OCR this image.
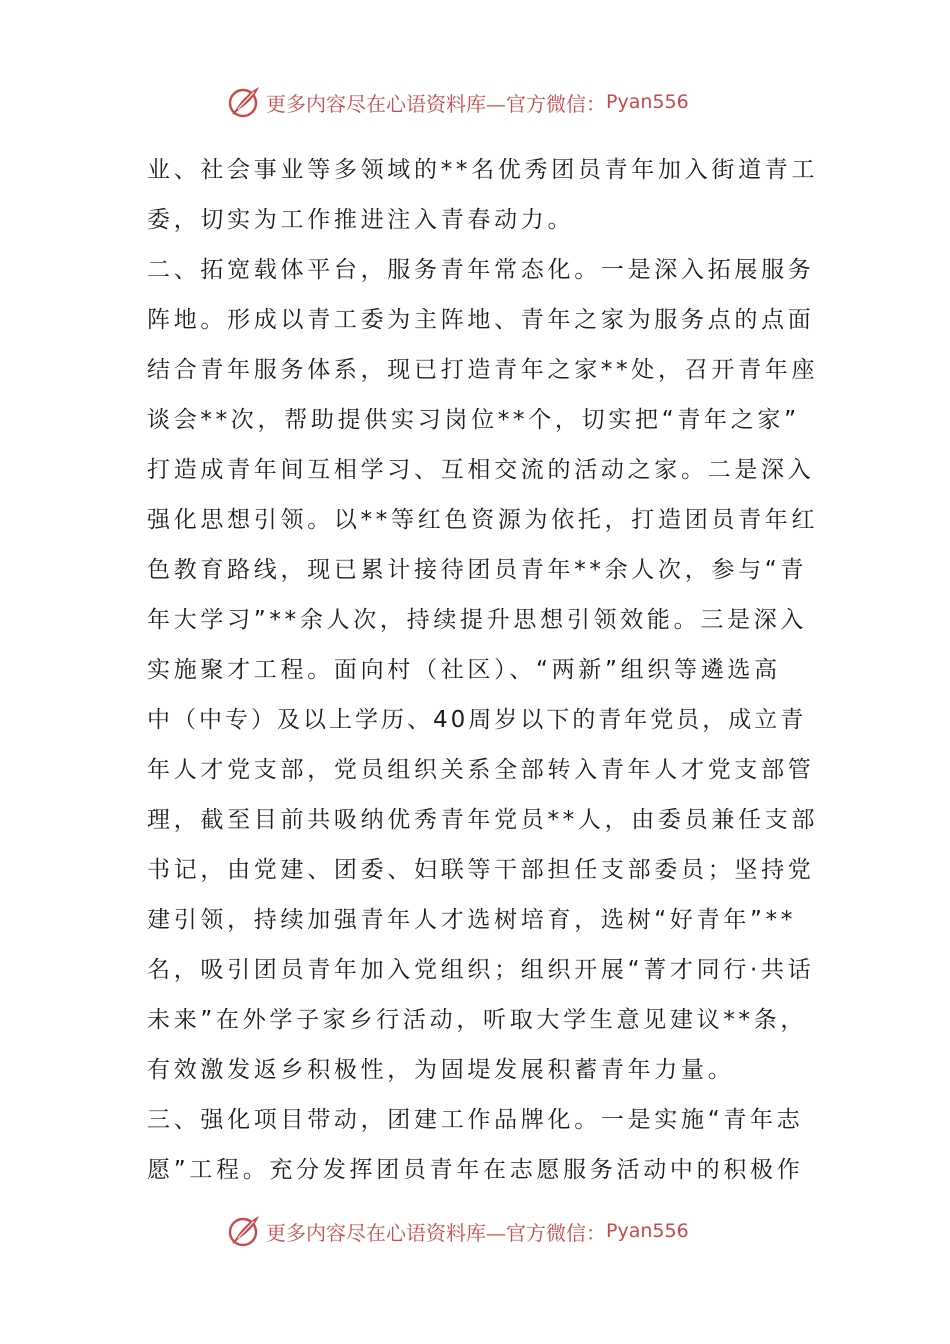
更多内容尽在心语资料库—官方微信： Pyan556
业、社会事业等多领域的**名优秀团员青年加入街道青工
委，切实为工作推进注入青春动力。
二、拓宽载体平台，服务青年常态化。一是深入拓展服务
阵地。形成以青工委为主阵地、青年之家为服务点的点面
结合青年服务体系，现已打造青年之家**处，召开青年座
谈会**次，帮助提供实习岗位**个，切实把“青年之家”
打造成青年间互相学习、互相交流的活动之家。二是深入
强化思想引领。以**等红色资源为依托，打造团员青年红
色教育路线，现已累计接待团员青年**余人次，参与“青
年大学习”**余人次，持续提升思想引领效能。三是深入
实施聚才工程。面向村（社区）、“两新”组织等遴选高
中（中专）及以上学历、40周岁以下的青年党员，成立青
年人才党支部，党员组织关系全部转入青年人才党支部管
理，截至目前共吸纳优秀青年党员**人，由委员兼任支部
书记，由党建、团委、妇联等干部担任支部委员；坚持党
建引领，持续加强青年人才选树培育，选树“好青年”**
名，吸引团员青年加入党组织；组织开展“菁才同行·共话
未来”在外学子家乡行活动，听取大学生意见建议**条，
有效激发返乡积极性，为固堤发展积蓄青年力量。
三、强化项目带动，团建工作品牌化。一是实施“青年志
愿”工程。充分发挥团员青年在志愿服务活动中的积极作
更多内容尽在心语资料库—官方微信： Pyan556
